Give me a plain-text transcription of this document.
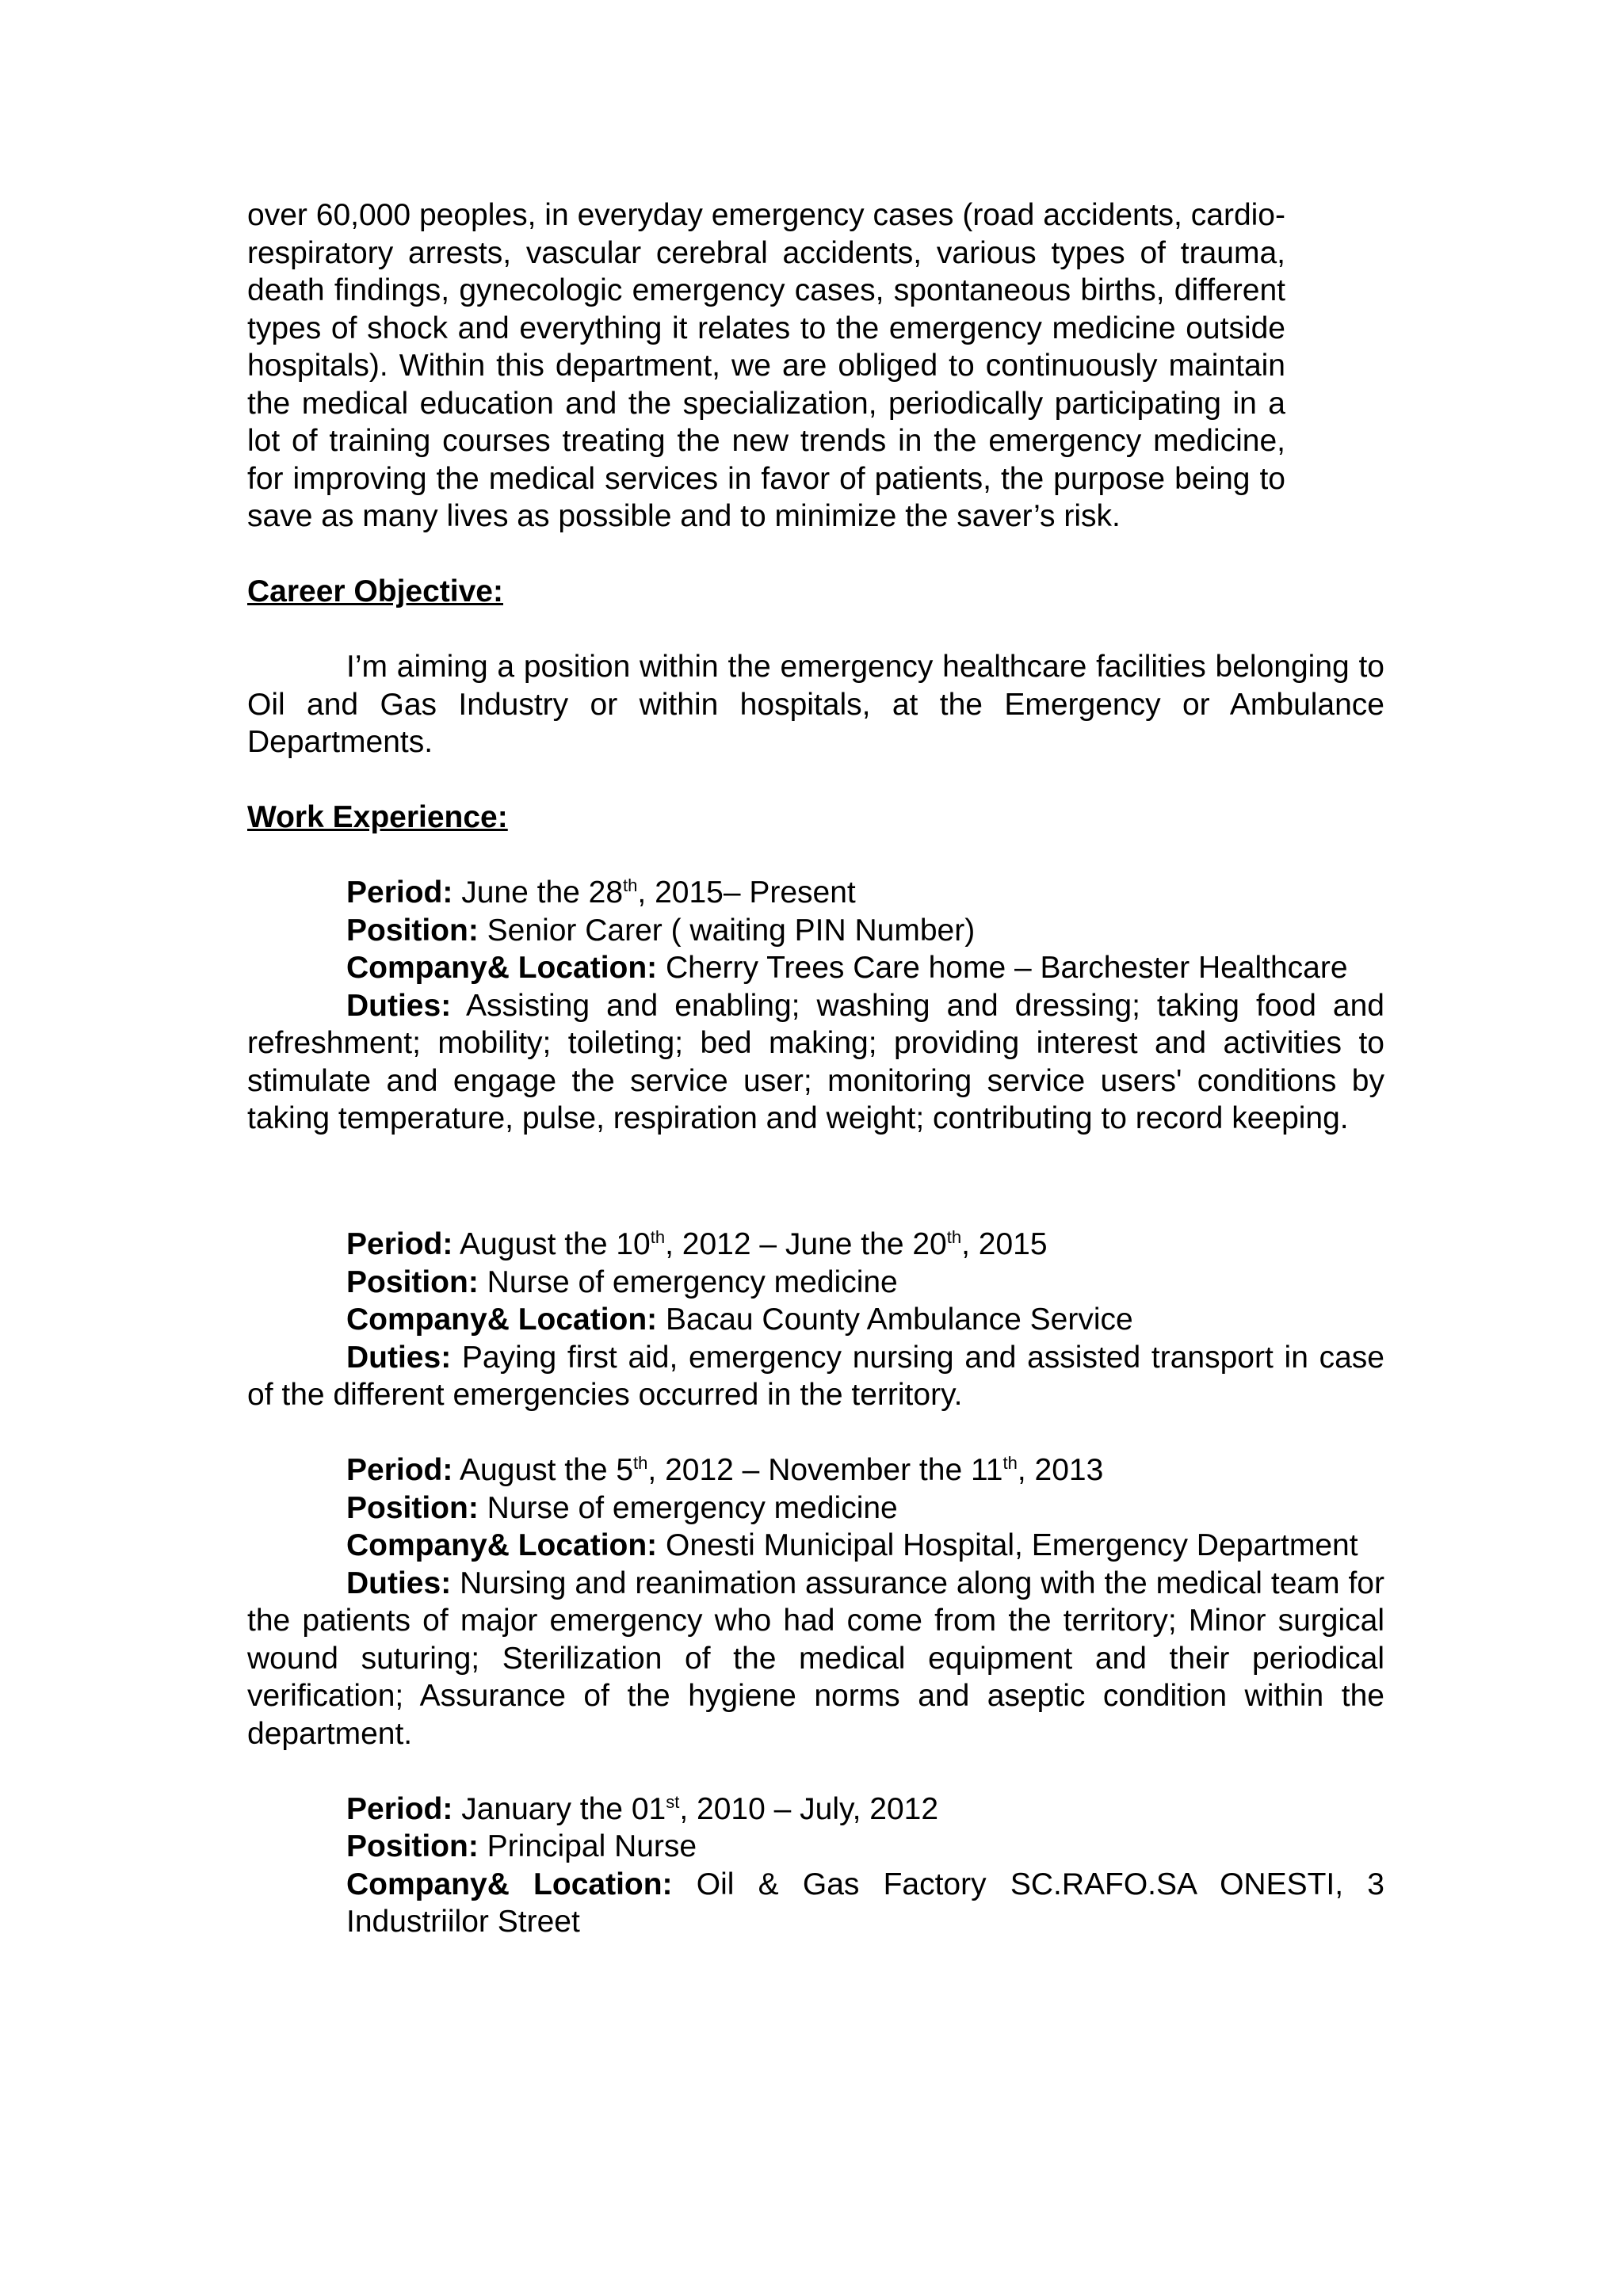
over 60,000 peoples, in everyday emergency cases (road accidents, cardio-respiratory arrests, vascular cerebral accidents, various types of trauma, death findings, gynecologic emergency cases, spontaneous births, different types of shock and everything it relates to the emergency medicine outside hospitals). Within this department, we are obliged to continuously maintain the medical education and the specialization, periodically participating in a lot of training courses treating the new trends in the emergency medicine, for improving the medical services in favor of patients, the purpose being to save as many lives as possible and to minimize the saver’s risk.

Career Objective:

I’m aiming a position within the emergency healthcare facilities belonging to Oil and Gas Industry or within hospitals, at the Emergency or Ambulance Departments.

Work Experience:

Period: June the 28th, 2015– Present

Position: Senior Carer ( waiting PIN Number)

Company& Location: Cherry Trees Care home – Barchester Healthcare

Duties: Assisting and enabling; washing and dressing; taking food and refreshment; mobility; toileting; bed making; providing interest and activities to stimulate and engage the service user; monitoring service users' conditions by taking temperature, pulse, respiration and weight; contributing to record keeping.

Period: August the 10th, 2012 – June the 20th, 2015

Position: Nurse of emergency medicine

Company& Location: Bacau County Ambulance Service

Duties: Paying first aid, emergency nursing and assisted transport in case of the different emergencies occurred in the territory.

Period: August the 5th, 2012 – November the 11th, 2013

Position: Nurse of emergency medicine

Company& Location: Onesti Municipal Hospital, Emergency Department

Duties: Nursing and reanimation assurance along with the medical team for the patients of major emergency who had come from the territory; Minor surgical wound suturing; Sterilization of the medical equipment and their periodical verification; Assurance of the hygiene norms and aseptic condition within the department.

Period: January the 01st, 2010 – July, 2012

Position: Principal Nurse

Company& Location: Oil & Gas Factory SC.RAFO.SA ONESTI, 3 Industriilor Street
